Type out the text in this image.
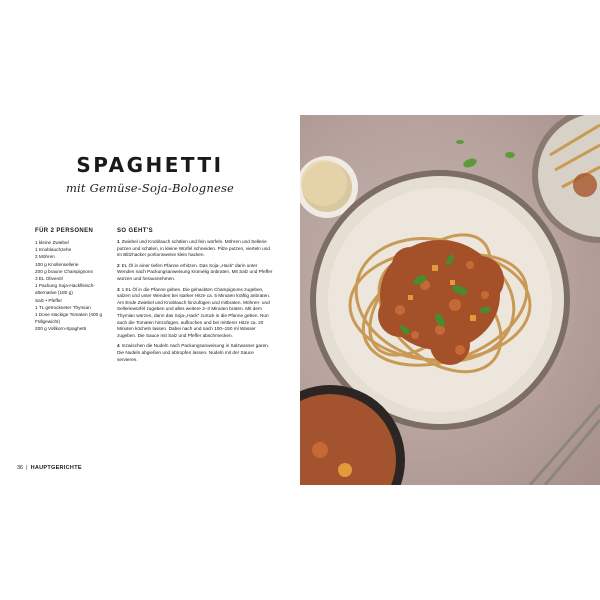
SPAGHETTI
mit Gemüse-Soja-Bolognese
FÜR 2 PERSONEN
1 kleine Zwiebel
1 Knoblauchzehe
2 Möhren
100 g Knollensellerie
200 g braune Champignons
3 EL Olivenöl
1 Packung Soja-Hackfleisch-alternative (180 g)
Salz • Pfeffer
1 TL getrockneter Thymian
1 Dose stückige Tomaten (400 g Füllgewicht)
200 g Vollkorn-Spaghetti
SO GEHT'S

1 Zwiebel und Knoblauch schälen und fein würfeln. Möhren und Sellerie putzen und schälen, in kleine Würfel schneiden. Pilze putzen, vierteln und im Blitzhacker portionsweise klein hacken.

2 EL Öl in einer tiefen Pfanne erhitzen. Das Soja-„Hack“ darin unter Wenden nach Packungsanweisung krümelig anbraten. Mit Salz und Pfeffer würzen und herausnehmen.

3 1 EL Öl in die Pfanne geben. Die gehackten Champignons zugeben, salzen und unter Wenden bei starker Hitze ca. 5 Minuten kräftig anbraten. Am Ende Zwiebel und Knoblauch hinzufügen und mitbraten. Möhren- und Selleriewürfel zugeben und alles weitere 2–3 Minuten braten. Mit dem Thymian würzen, dann das Soja-„Hack“ zurück in die Pfanne geben. Nun auch die Tomaten hinzufügen, aufkochen und bei mittlerer Hitze ca. 20 Minuten köcheln lassen. Dabei nach und nach 100–150 ml Wasser zugeben. Die Sauce mit Salz und Pfeffer abschmecken.

4 Inzwischen die Nudeln nach Packungsanweisung in Salzwasser garen. Die Nudeln abgießen und abtropfen lassen. Nudeln mit der Sauce servieren.

36 | HAUPTGERICHTE
